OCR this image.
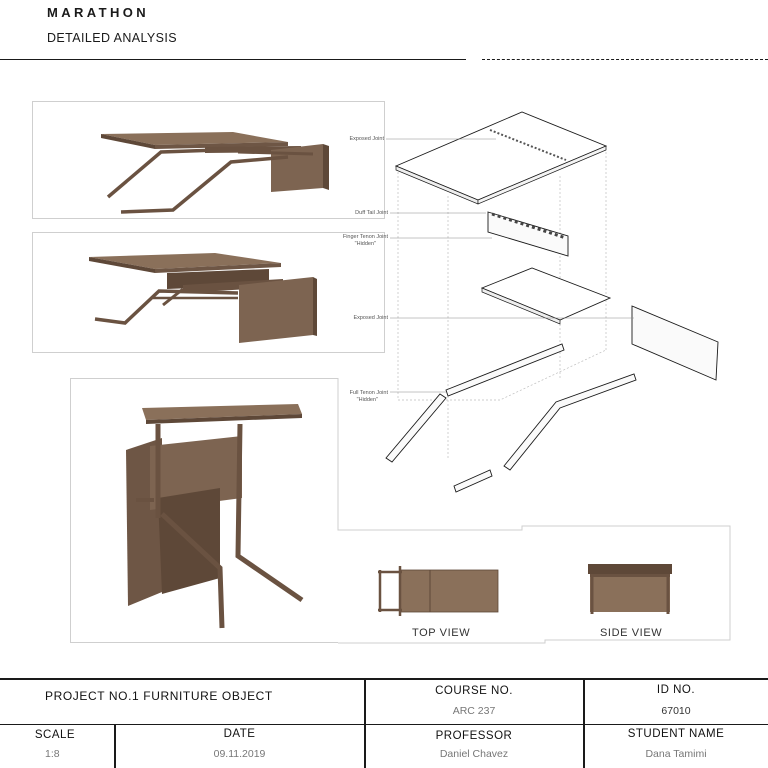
MARATHON
DETAILED ANALYSIS
Exposed Joint
Duff Tail Joint
Finger Tenon Joint
"Hidden"
Exposed Joint
Full Tenon Joint
"Hidden"
TOP VIEW	SIDE VIEW
PROJECT NO.1 FURNITURE OBJECT	COURSE NO.
ARC 237
ID NO.
67010
SCALE
1:8
DATE
09.11.2019
PROFESSOR
Daniel Chavez
STUDENT NAME
Dana Tamimi
